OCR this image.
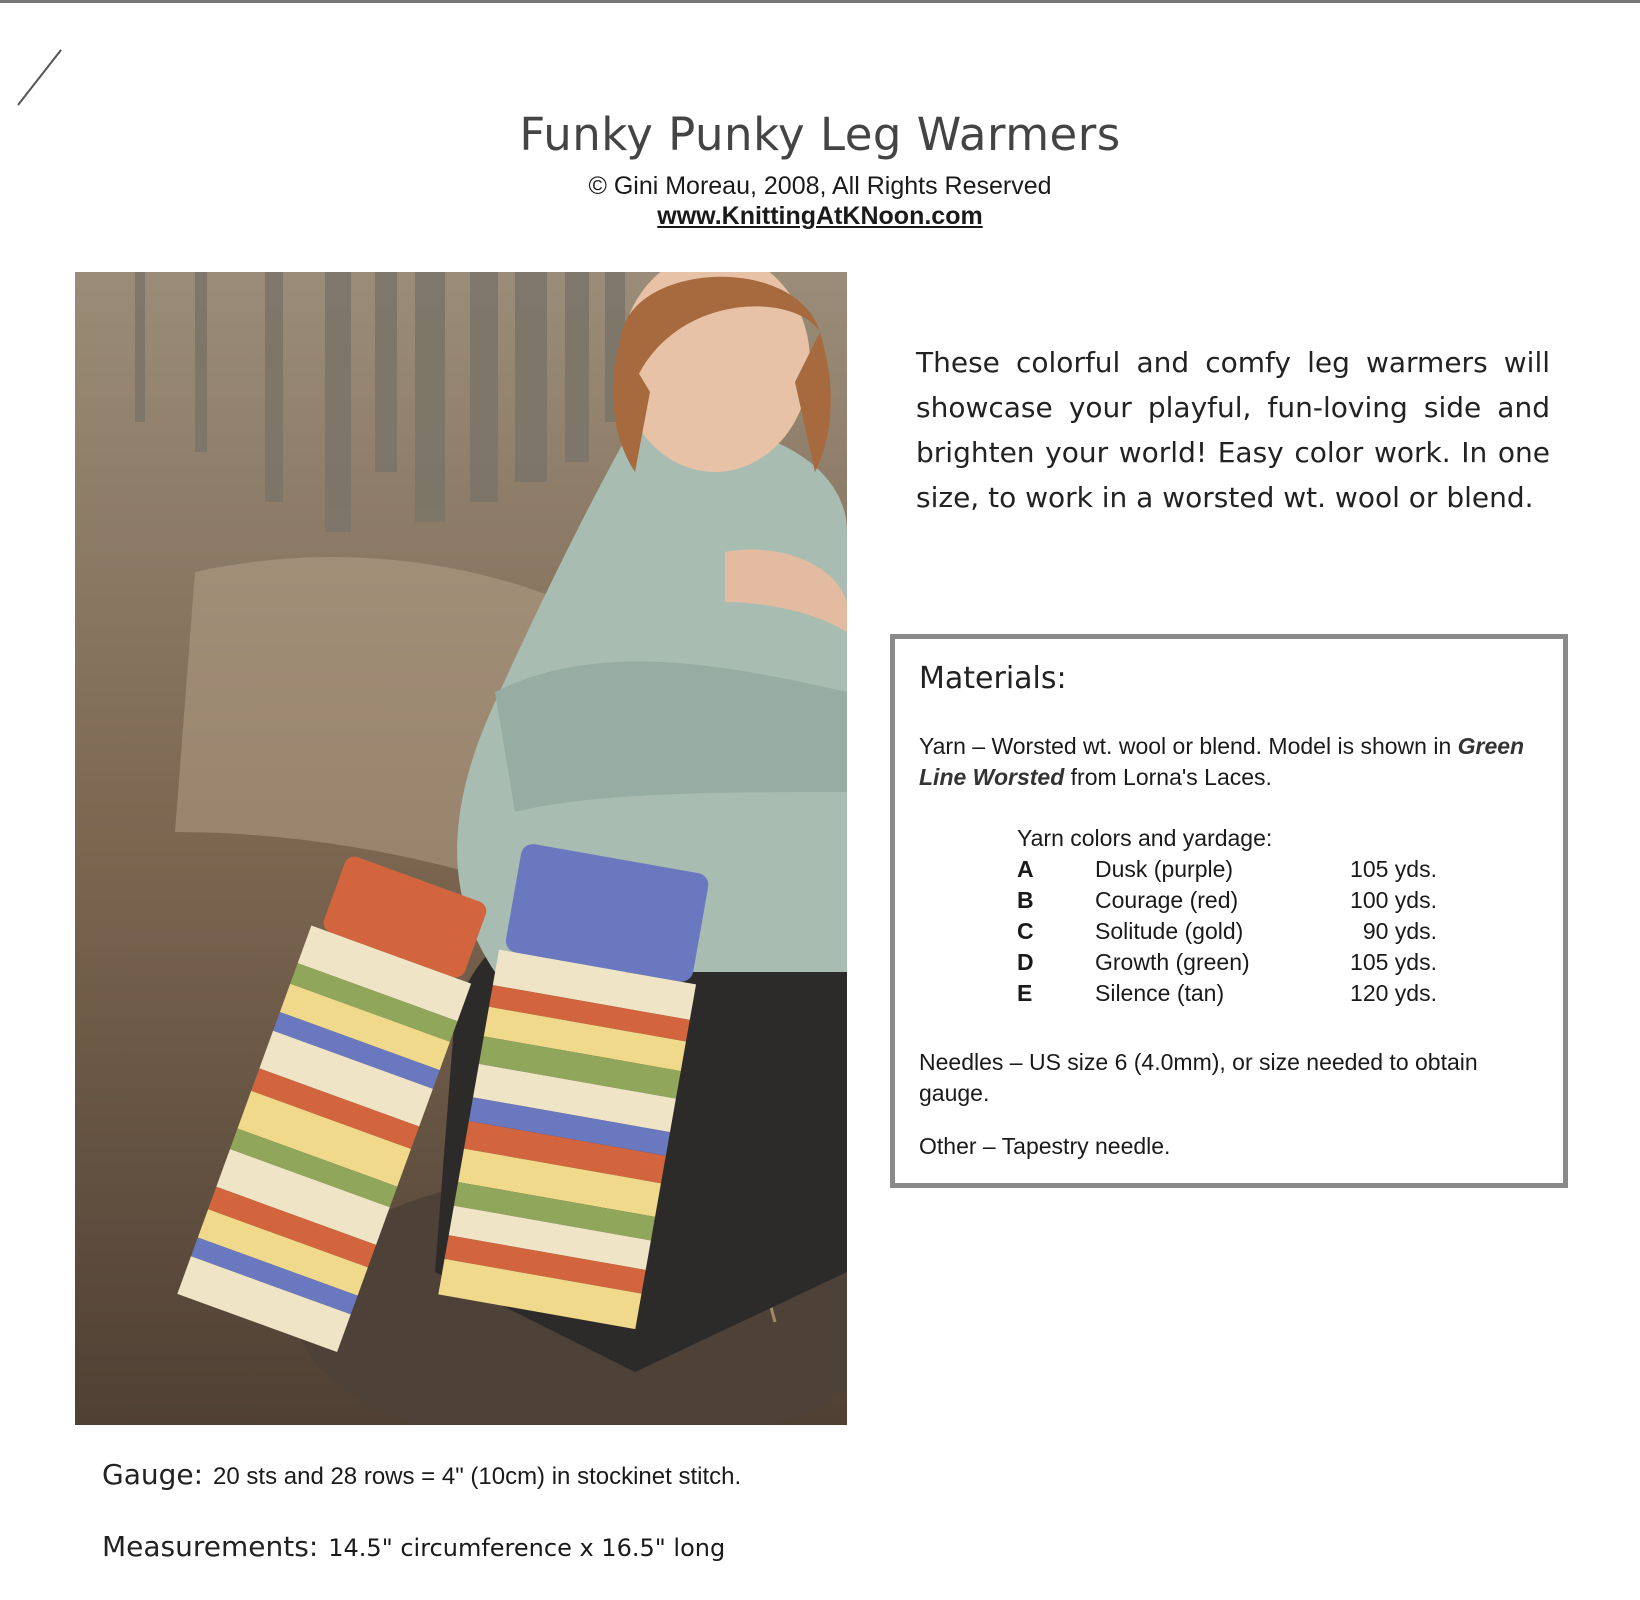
Funky Punky Leg Warmers
© Gini Moreau, 2008, All Rights Reserved
www.KnittingAtKNoon.com
These colorful and comfy leg warmers will showcase your playful, fun-loving side and brighten your world! Easy color work. In one size, to work in a worsted wt. wool or blend.
Materials:
Yarn – Worsted wt. wool or blend. Model is shown in Green Line Worsted from Lorna's Laces.
Yarn colors and yardage:
A	Dusk (purple)	105 yds.
B	Courage (red)	100 yds.
C	Solitude (gold)	90 yds.
D	Growth (green)	105 yds.
E	Silence (tan)	120 yds.
Needles – US size 6 (4.0mm), or size needed to obtain gauge.
Other – Tapestry needle.
Gauge: 20 sts and 28 rows = 4" (10cm) in stockinet stitch.
Measurements: 14.5" circumference x 16.5" long
